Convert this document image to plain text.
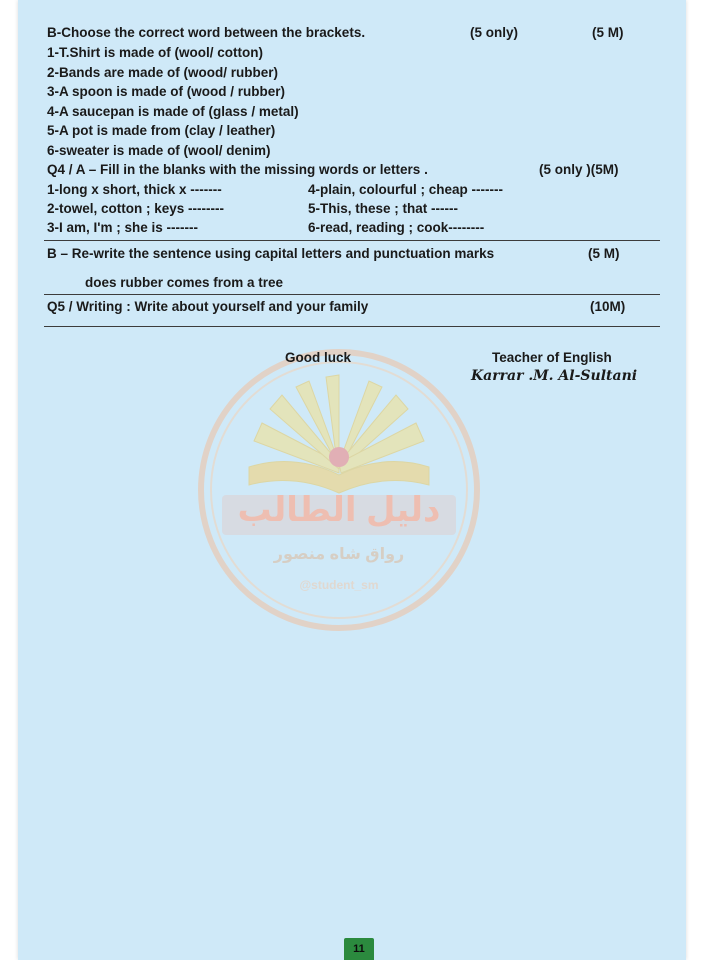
دليل الطالب
رواق شاه منصور
@student_sm
B-Choose the correct word between the brackets.	(5 only)	(5 M)
1-T.Shirt is made of (wool/ cotton)
2-Bands are made of (wood/ rubber)
3-A spoon is made of (wood / rubber)
4-A saucepan is made of (glass / metal)
5-A pot is made from (clay / leather)
6-sweater is made of (wool/ denim)
Q4 / A – Fill in the blanks with the missing words or letters .	(5 only )(5M)
1-long x short, thick x -------	4-plain, colourful ; cheap -------
2-towel, cotton ; keys --------	5-This, these ; that ------
3-I am, I'm ; she is -------	6-read, reading ; cook--------
B – Re-write the sentence using capital letters and punctuation marks	(5 M)
does rubber comes from a tree
Q5 / Writing : Write about yourself and your family	(10M)
Good luck	Teacher of English
Karrar .M. Al-Sultani
11
